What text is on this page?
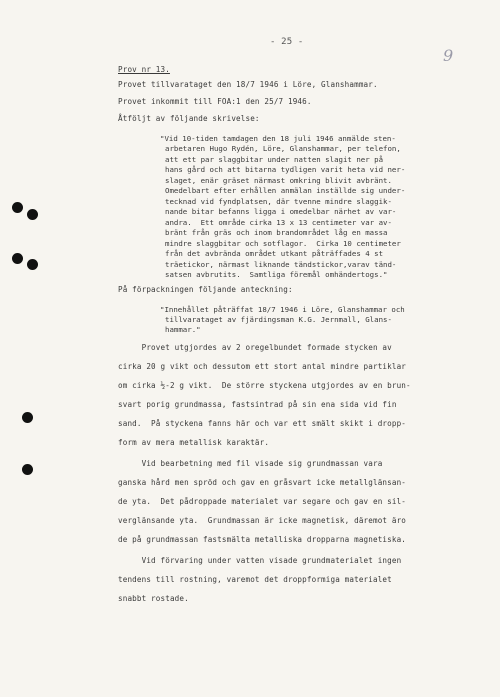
- 25 -
9
Prov nr 13.
Provet tillvarataget den 18/7 1946 i Löre, Glanshammar.
Provet inkommit till FOA:1 den 25/7 1946.
Åtföljt av följande skrivelse:
"Vid 10-tiden tamdagen den 18 juli 1946 anmälde sten-
arbetaren Hugo Rydén, Löre, Glanshammar, per telefon,
att ett par slaggbitar under natten slagit ner på
hans gård och att bitarna tydligen varit heta vid ner-
slaget, enär gräset närmast omkring blivit avbränt.
Omedelbart efter erhållen anmälan inställde sig under-
tecknad vid fyndplatsen, där tvenne mindre slaggik-
nande bitar befanns ligga i omedelbar närhet av var-
andra.  Ett område cirka 13 x 13 centimeter var av-
bränt från gräs och inom brandområdet låg en massa
mindre slaggbitar och sotflagor.  Cirka 10 centimeter
från det avbrända området utkant påträffades 4 st
träetickor, närmast liknande tändstickor,varav tänd-
satsen avbrutits.  Samtliga föremål omhändertogs."
På förpackningen följande anteckning:
"Innehållet påträffat 18/7 1946 i Löre, Glanshammar och
tillvarataget av fjärdingsman K.G. Jernmall, Glans-
hammar."
Provet utgjordes av 2 oregelbundet formade stycken av
cirka 20 g vikt och dessutom ett stort antal mindre partiklar
om cirka ½-2 g vikt.  De större styckena utgjordes av en brun-
svart porig grundmassa, fastsintrad på sin ena sida vid fin
sand.  På styckena fanns här och var ett smält skikt i dropp-
form av mera metallisk karaktär.
Vid bearbetning med fil visade sig grundmassan vara
ganska hård men spröd och gav en gråsvart icke metallglänsan-
de yta.  Det pådroppade materialet var segare och gav en sil-
verglänsande yta.  Grundmassan är icke magnetisk, däremot äro
de på grundmassan fastsmälta metalliska dropparna magnetiska.
Vid förvaring under vatten visade grundmaterialet ingen
tendens till rostning, varemot det droppformiga materialet
snabbt rostade.
